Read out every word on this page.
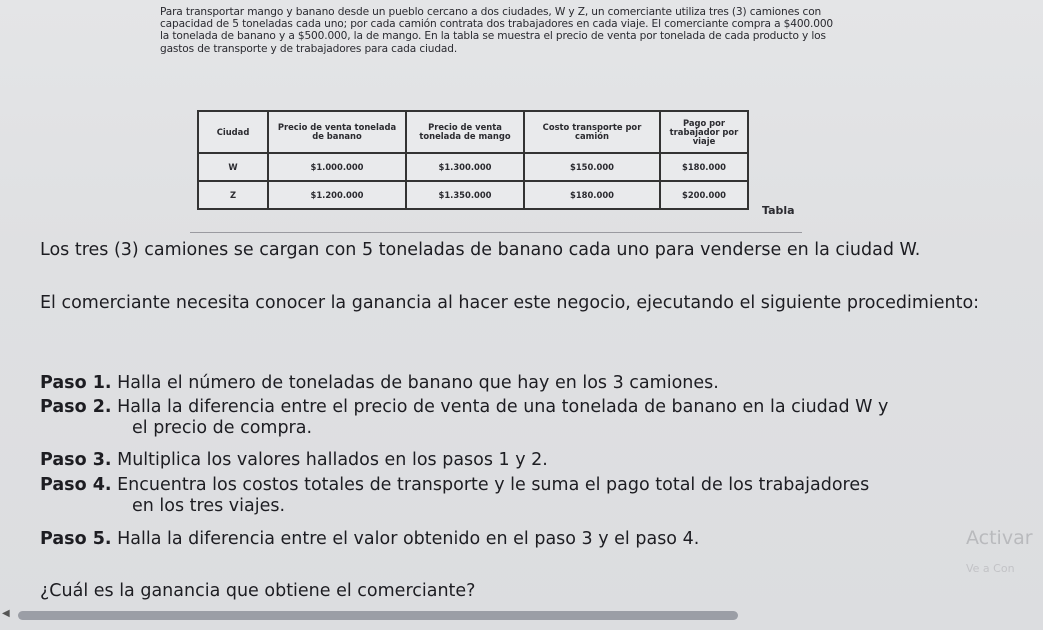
Para transportar mango y banano desde un pueblo cercano a dos ciudades, W y Z, un comerciante utiliza tres (3) camiones con capacidad de 5 toneladas cada uno; por cada camión contrata dos trabajadores en cada viaje. El comerciante compra a $400.000 la tonelada de banano y a $500.000, la de mango. En la tabla se muestra el precio de venta por tonelada de cada producto y los gastos de transporte y de trabajadores para cada ciudad.
Ciudad	Precio de venta tonelada de banano	Precio de venta tonelada de mango	Costo transporte por camión	Pago por trabajador por viaje
W	$1.000.000	$1.300.000	$150.000	$180.000
Z	$1.200.000	$1.350.000	$180.000	$200.000
Tabla
Los tres (3) camiones se cargan con 5 toneladas de banano cada uno para venderse en la ciudad W.
El comerciante necesita conocer la ganancia al hacer este negocio, ejecutando el siguiente procedimiento:
Paso 1. Halla el número de toneladas de banano que hay en los 3 camiones.
Paso 2. Halla la diferencia entre el precio de venta de una tonelada de banano en la ciudad W y
el precio de compra.
Paso 3. Multiplica los valores hallados en los pasos 1 y 2.
Paso 4. Encuentra los costos totales de transporte y le suma el pago total de los trabajadores
en los tres viajes.
Paso 5. Halla la diferencia entre el valor obtenido en el paso 3 y el paso 4.
¿Cuál es la ganancia que obtiene el comerciante?
Activar
Ve a Con
◀
